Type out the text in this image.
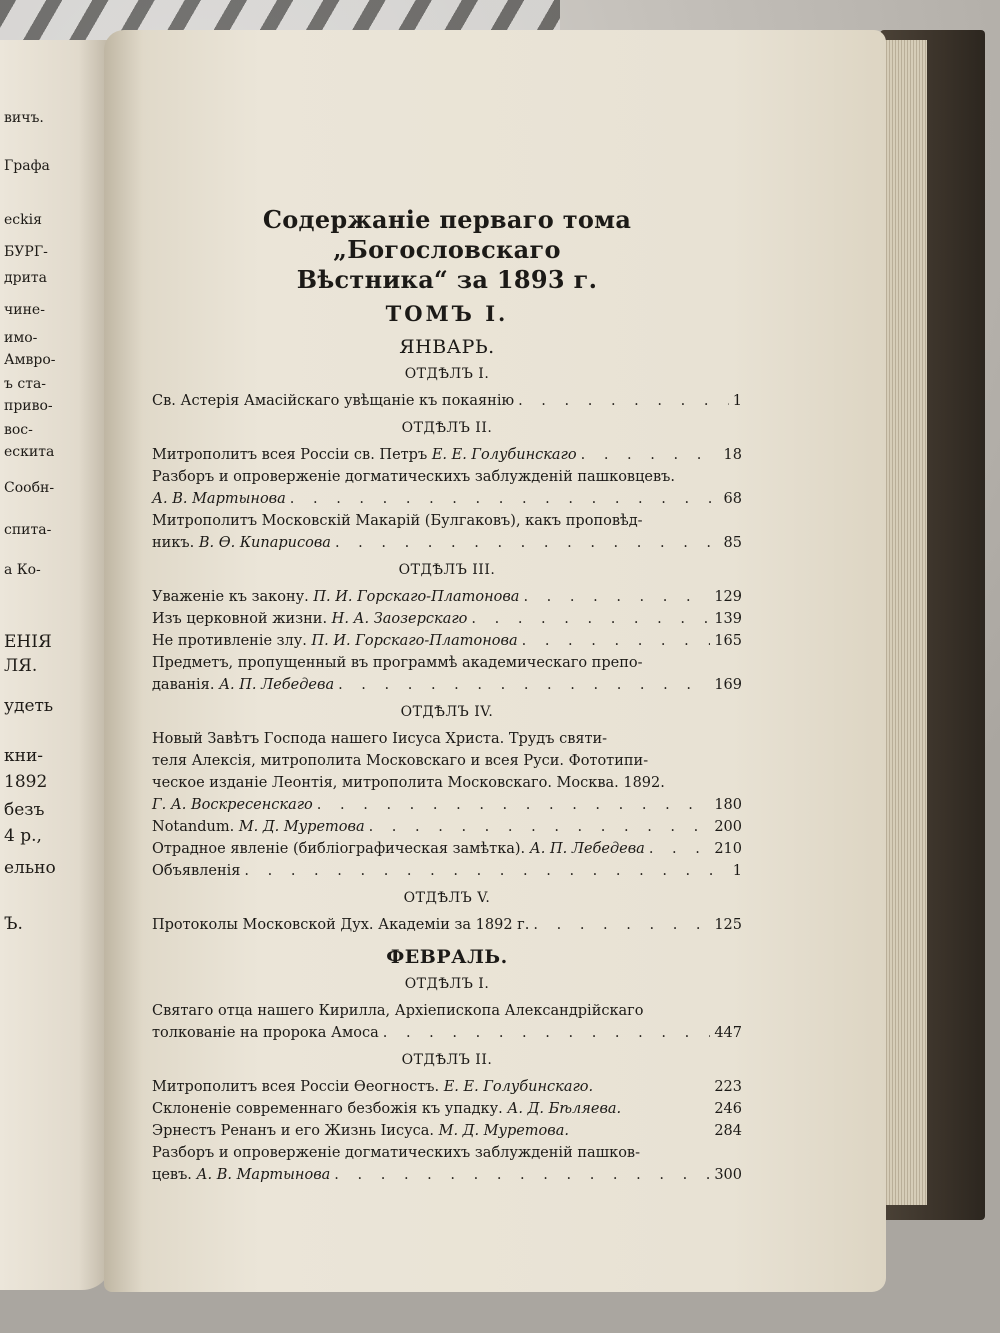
вичъ.
Графа
есkiя
БУРГ-
дрита
чине-
имо-
Амвро-
ъ ста-
привo-
вос-
ескита
Сообн-
спита-
а Ко-
ЕНІЯ
ЛЯ.
удеть
кни-
1892
безъ
4 р.,
ельно
Ъ.
Содержаніе перваго тома „Богословскаго
Вѣстника“ за 1893 г.
ТОМЪ I.
ЯНВАРЬ.
ОТДѢЛЪ I.
Св. Астерія Амасійскаго увѣщаніе къ покаянію . . .	1
ОТДѢЛЪ II.
Митрополитъ всея Россіи св. Петръ Е. Е. Голубинскаго . . .	18
Разборъ и опроверженіе догматическихъ заблужденій пашковцевъ.
А. В. Мартынова . . .	68
Митрополитъ Московскій Макарій (Булгаковъ), какъ проповѣд-
никъ. В. Ѳ. Кипарисова . . .	85
ОТДѢЛЪ III.
Уваженіе къ закону. П. И. Горскаго-Платонова . . .	129
Изъ церковной жизни. Н. А. Заозерскаго . . .	139
Не противленіе злу. П. И. Горскаго-Платонова . . .	165
Предметъ, пропущенный въ программѣ академическаго препо-
даванія. А. П. Лебедева . . .	169
ОТДѢЛЪ IV.
Новый Завѣтъ Господа нашего Іисуса Христа. Трудъ святи-
теля Алексія, митрополита Московскаго и всея Руси. Фототипи-
ческое изданіе Леонтія, митрополита Московскаго. Москва. 1892.
Г. А. Воскресенскаго . . .	180
Notandum. М. Д. Муретова . . .	200
Отрадное явленіе (библіографическая замѣтка). А. П. Лебедева . . .	210
Объявленія . . .	1
ОТДѢЛЪ V.
Протоколы Московской Дух. Академіи за 1892 г. . . .	125
ФЕВРАЛЬ.
ОТДѢЛЪ I.
Святаго отца нашего Кирилла, Архіепископа Александрійскаго
толкованіе на пророка Амоса . . .	447
ОТДѢЛЪ II.
Митрополитъ всея Россіи Ѳеогностъ. Е. Е. Голубинскаго.	223
Склоненіе современнаго безбожія къ упадку. А. Д. Бѣляева.	246
Эрнестъ Ренанъ и его Жизнь Іисуса. М. Д. Муретова.	284
Разборъ и опроверженіе догматическихъ заблужденій пашков-
цевъ. А. В. Мартынова . . .	300
